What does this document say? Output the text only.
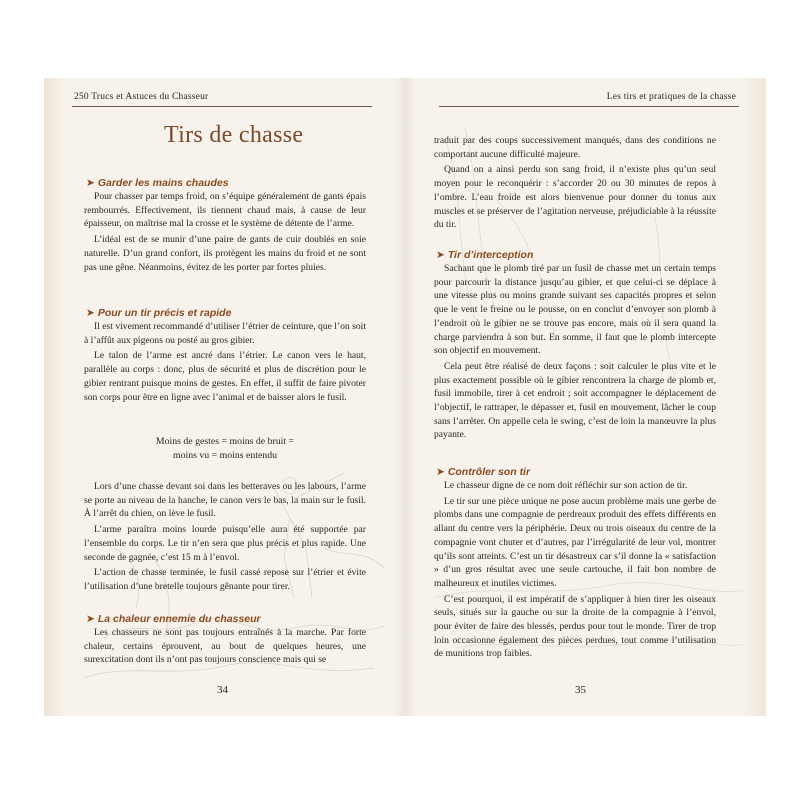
250 Trucs et Astuces du Chasseur
Tirs de chasse
➤ Garder les mains chaudes

Pour chasser par temps froid, on s’équipe généralement de gants épais rembourrés. Effectivement, ils tiennent chaud mais, à cause de leur épaisseur, on maîtrise mal la crosse et le système de détente de l’arme.

L’idéal est de se munir d’une paire de gants de cuir doublés en soie naturelle. D’un grand confort, ils protègent les mains du froid et ne sont pas une gêne. Néanmoins, évitez de les porter par fortes pluies.

➤ Pour un tir précis et rapide

Il est vivement recommandé d’utiliser l’étrier de ceinture, que l’on soit à l’affût aux pigeons ou posté au gros gibier.

Le talon de l’arme est ancré dans l’étrier. Le canon vers le haut, parallèle au corps : donc, plus de sécurité et plus de discrétion pour le gibier rentrant puisque moins de gestes. En effet, il suffit de faire pivoter son corps pour être en ligne avec l’animal et de baisser alors le fusil.

Moins de gestes = moins de bruit =
moins vu = moins entendu

Lors d’une chasse devant soi dans les betteraves ou les labours, l’arme se porte au niveau de la hanche, le canon vers le bas, la main sur le fusil. À l’arrêt du chien, on lève le fusil.

L’arme paraîtra moins lourde puisqu’elle aura été supportée par l’ensemble du corps. Le tir n’en sera que plus précis et plus rapide. Une seconde de gagnée, c’est 15 m à l’envol.

L’action de chasse terminée, le fusil cassé repose sur l’étrier et évite l’utilisation d’une bretelle toujours gênante pour tirer.

➤ La chaleur ennemie du chasseur

Les chasseurs ne sont pas toujours entraînés à la marche. Par forte chaleur, certains éprouvent, au bout de quelques heures, une surexcitation dont ils n’ont pas toujours conscience mais qui se

34
Les tirs et pratiques de la chasse

traduit par des coups successivement manqués, dans des conditions ne comportant aucune difficulté majeure.

Quand on a ainsi perdu son sang froid, il n’existe plus qu’un seul moyen pour le reconquérir : s’accorder 20 ou 30 minutes de repos à l’ombre. L’eau froide est alors bienvenue pour donner du tonus aux muscles et se préserver de l’agitation nerveuse, préjudiciable à la réussite du tir.

➤ Tir d’interception

Sachant que le plomb tiré par un fusil de chasse met un certain temps pour parcourir la distance jusqu’au gibier, et que celui-ci se déplace à une vitesse plus ou moins grande suivant ses capacités propres et selon que le vent le freine ou le pousse, on en conclut d’envoyer son plomb à l’endroit où le gibier ne se trouve pas encore, mais où il sera quand la charge parviendra à son but. En somme, il faut que le plomb intercepte son objectif en mouvement.

Cela peut être réalisé de deux façons : soit calculer le plus vite et le plus exactement possible où le gibier rencontrera la charge de plomb et, fusil immobile, tirer à cet endroit ; soit accompagner le déplacement de l’objectif, le rattraper, le dépasser et, fusil en mouvement, lâcher le coup sans l’arrêter. On appelle cela le swing, c’est de loin la manœuvre la plus payante.

➤ Contrôler son tir

Le chasseur digne de ce nom doit réfléchir sur son action de tir.

Le tir sur une pièce unique ne pose aucun problème mais une gerbe de plombs dans une compagnie de perdreaux produit des effets différents en allant du centre vers la périphérie. Deux ou trois oiseaux du centre de la compagnie vont chuter et d’autres, par l’irrégularité de leur vol, montrer qu’ils sont atteints. C’est un tir désastreux car s’il donne la « satisfaction » d’un gros résultat avec une seule cartouche, il fait bon nombre de malheureux et inutiles victimes.

C’est pourquoi, il est impératif de s’appliquer à bien tirer les oiseaux seuls, situés sur la gauche ou sur la droite de la compagnie à l’envol, pour éviter de faire des blessés, perdus pour tout le monde. Tirer de trop loin occasionne également des pièces perdues, tout comme l’utilisation de munitions trop faibles.

35
